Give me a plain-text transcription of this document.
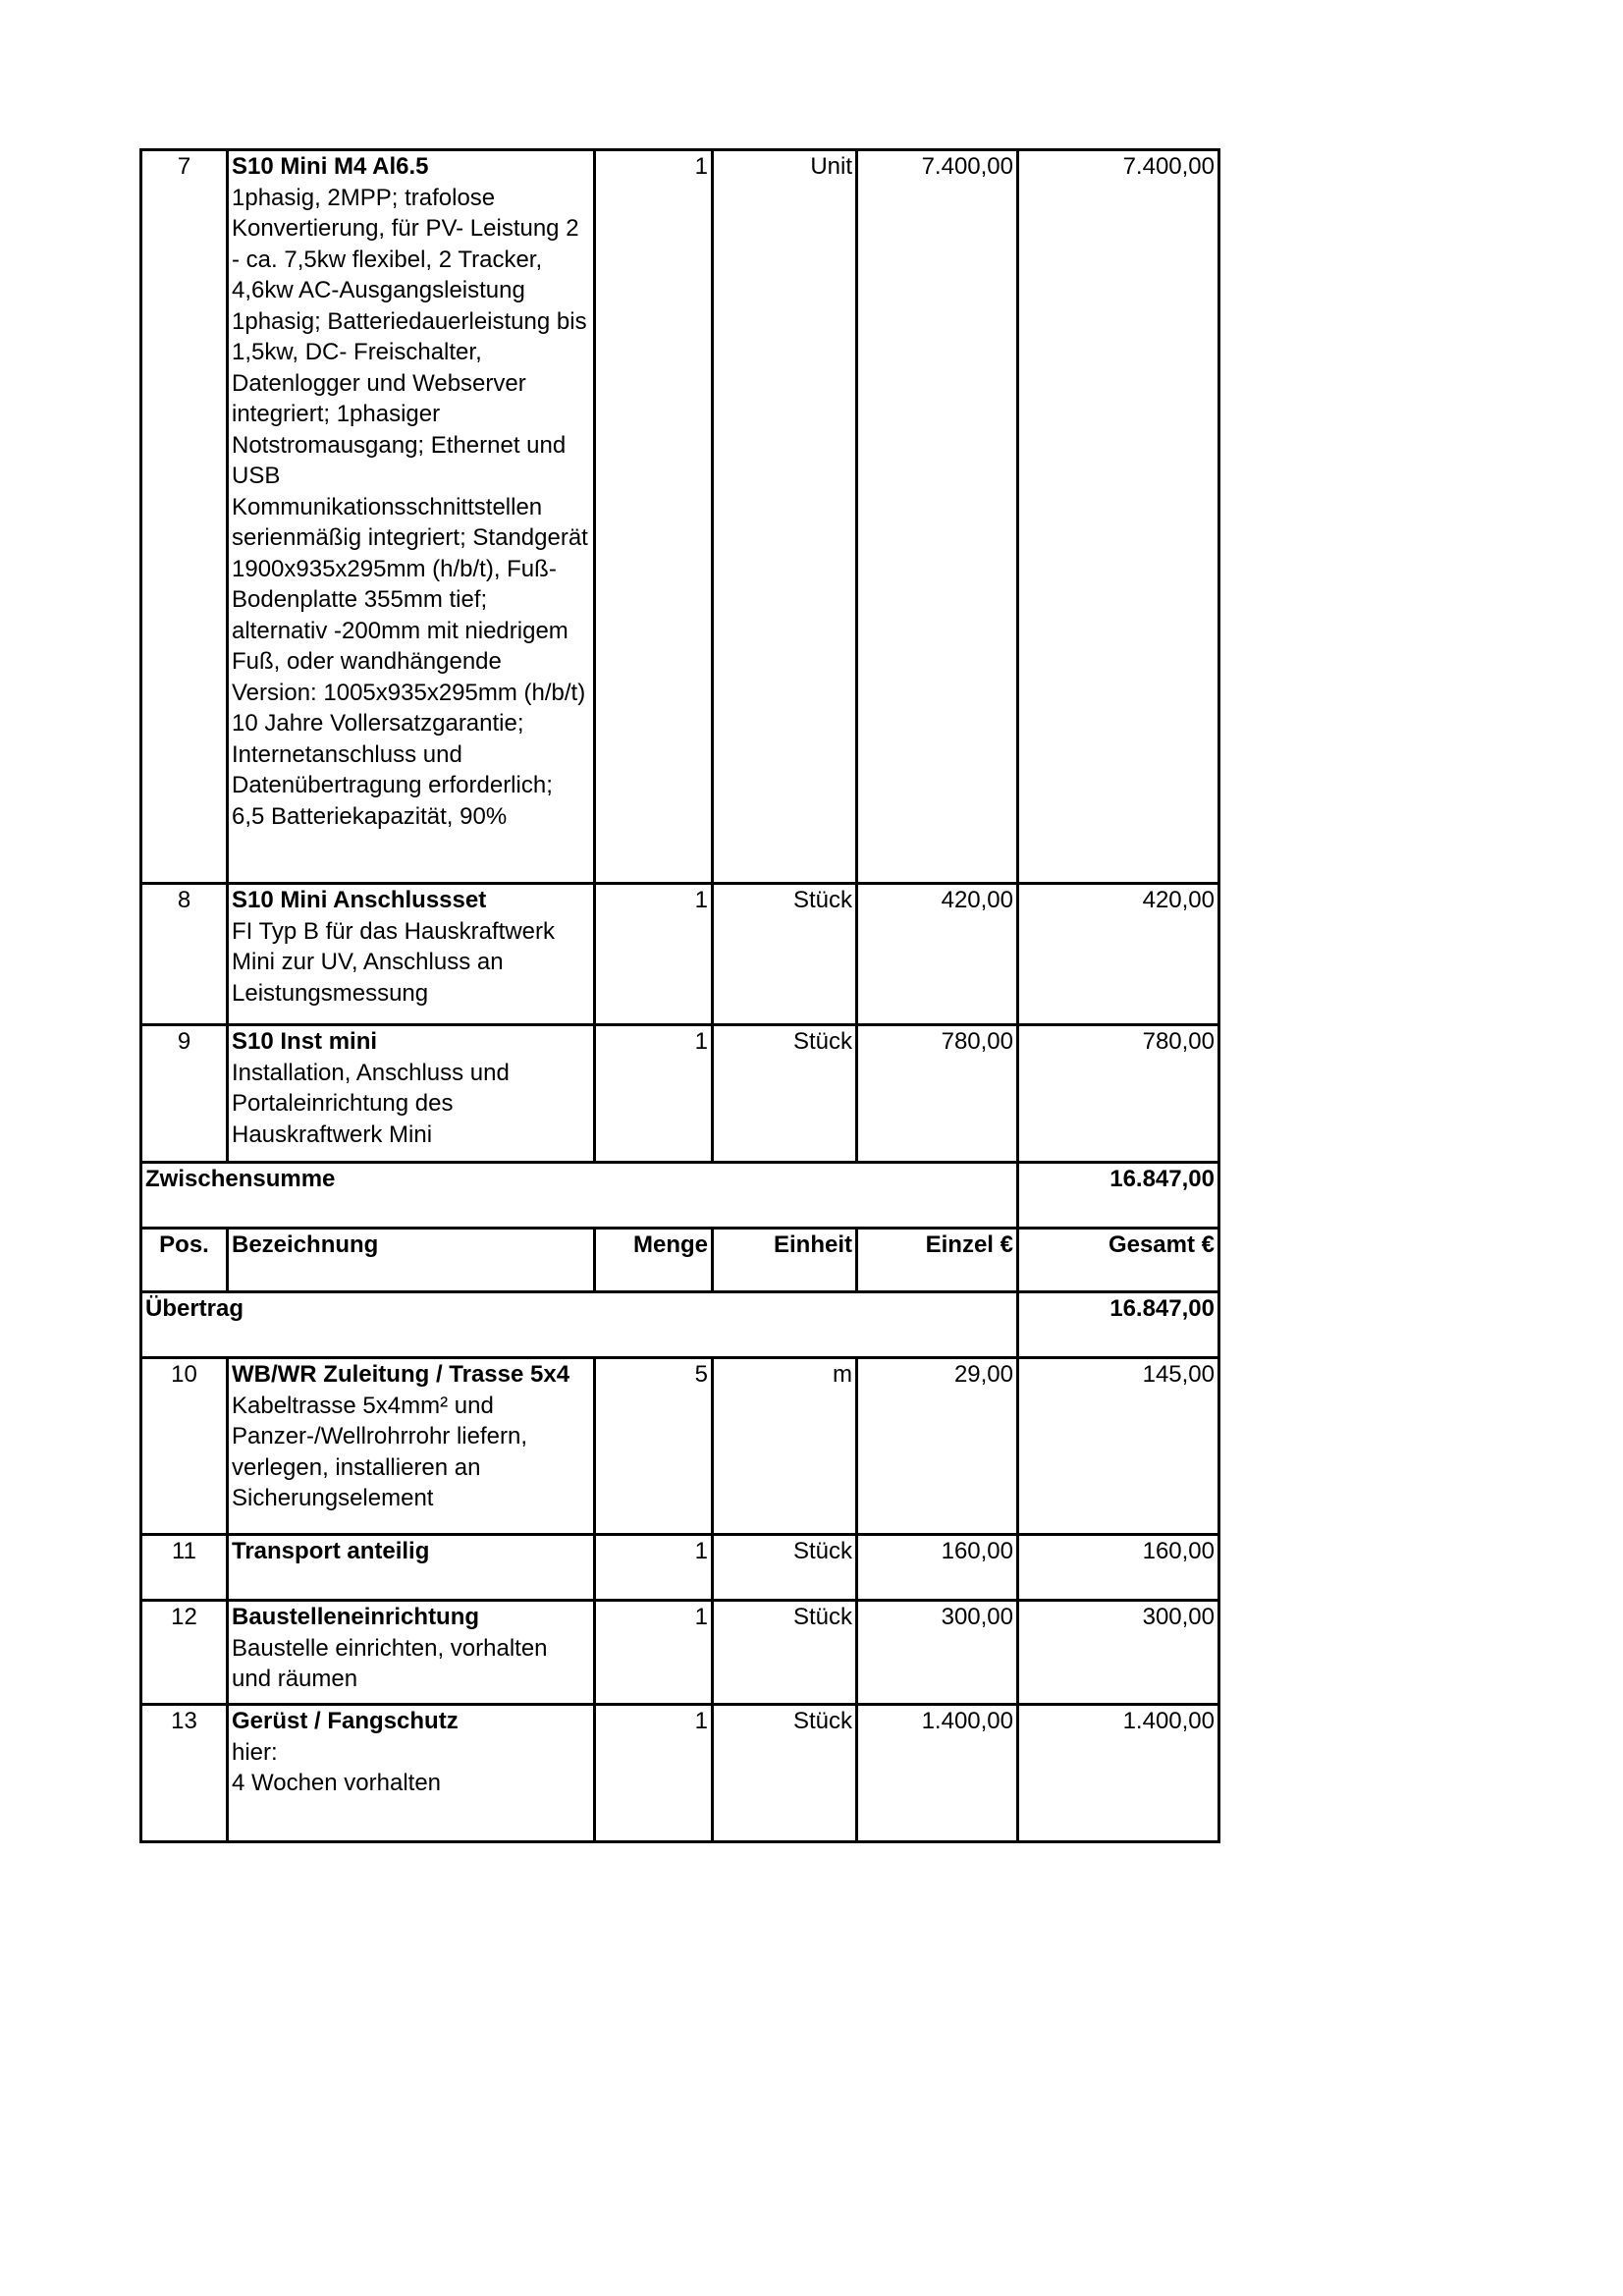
7	S10 Mini M4 Al6.5
1phasig, 2MPP; trafolose Konvertierung, für PV- Leistung 2 - ca. 7,5kw flexibel, 2 Tracker, 4,6kw AC-Ausgangsleistung 1phasig; Batteriedauerleistung bis 1,5kw, DC- Freischalter, Datenlogger und Webserver integriert; 1phasiger Notstromausgang; Ethernet und USB Kommunikationsschnittstellen serienmäßig integriert; Standgerät 1900x935x295mm (h/b/t), Fuß-Bodenplatte 355mm tief;
alternativ -200mm mit niedrigem Fuß, oder wandhängende Version: 1005x935x295mm (h/b/t)
10 Jahre Vollersatzgarantie; Internetanschluss und Datenübertragung erforderlich;
6,5 Batteriekapazität, 90%	1	Unit	7.400,00	7.400,00
8	S10 Mini Anschlussset
FI Typ B für das Hauskraftwerk Mini zur UV, Anschluss an Leistungsmessung	1	Stück	420,00	420,00
9	S10 Inst mini
Installation, Anschluss und Portaleinrichtung des Hauskraftwerk Mini	1	Stück	780,00	780,00
Zwischensumme					16.847,00
Pos.	Bezeichnung	Menge	Einheit	Einzel €	Gesamt €
Übertrag					16.847,00
10	WB/WR Zuleitung / Trasse 5x4
Kabeltrasse 5x4mm² und Panzer-/Wellrohrrohr liefern, verlegen, installieren an Sicherungselement	5	m	29,00	145,00
11	Transport anteilig	1	Stück	160,00	160,00
12	Baustelleneinrichtung
Baustelle einrichten, vorhalten und räumen	1	Stück	300,00	300,00
13	Gerüst / Fangschutz
hier:
4 Wochen vorhalten	1	Stück	1.400,00	1.400,00
